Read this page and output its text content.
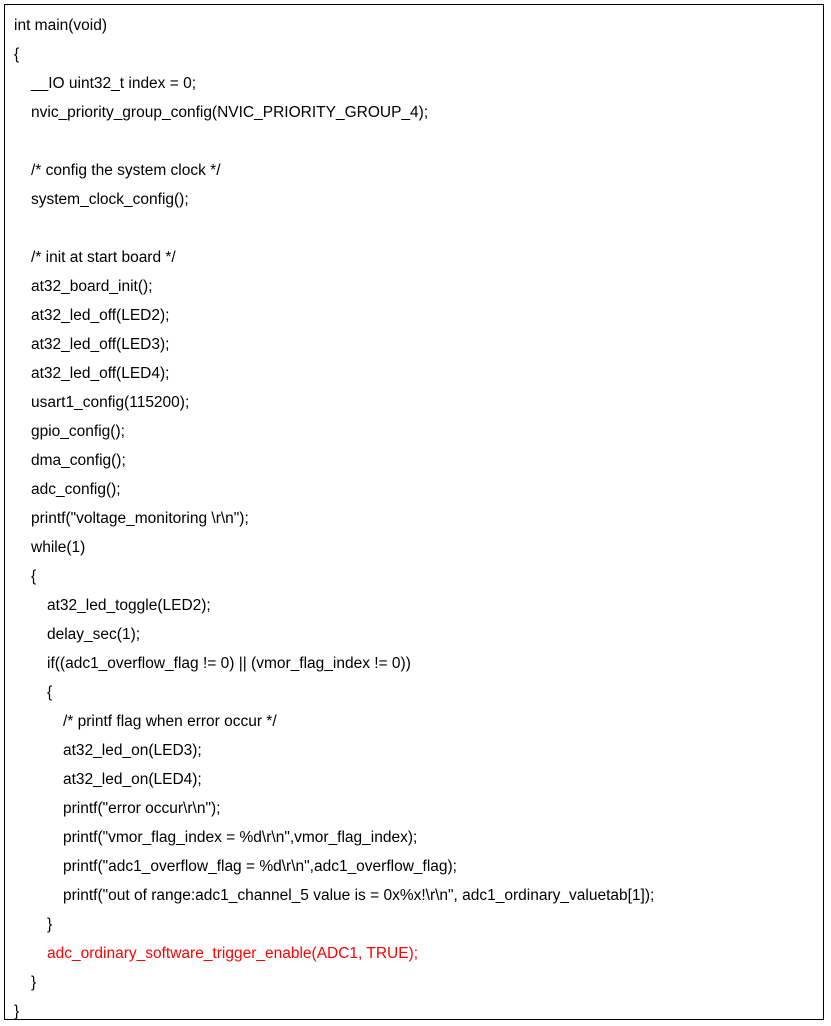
int main(void)
{
__IO uint32_t index = 0;
nvic_priority_group_config(NVIC_PRIORITY_GROUP_4);
/* config the system clock */
system_clock_config();
/* init at start board */
at32_board_init();
at32_led_off(LED2);
at32_led_off(LED3);
at32_led_off(LED4);
usart1_config(115200);
gpio_config();
dma_config();
adc_config();
printf("voltage_monitoring \r\n");
while(1)
{
at32_led_toggle(LED2);
delay_sec(1);
if((adc1_overflow_flag != 0) || (vmor_flag_index != 0))
{
/* printf flag when error occur */
at32_led_on(LED3);
at32_led_on(LED4);
printf("error occur\r\n");
printf("vmor_flag_index = %d\r\n",vmor_flag_index);
printf("adc1_overflow_flag = %d\r\n",adc1_overflow_flag);
printf("out of range:adc1_channel_5 value is = 0x%x!\r\n", adc1_ordinary_valuetab[1]);
}
adc_ordinary_software_trigger_enable(ADC1, TRUE);
}
}
